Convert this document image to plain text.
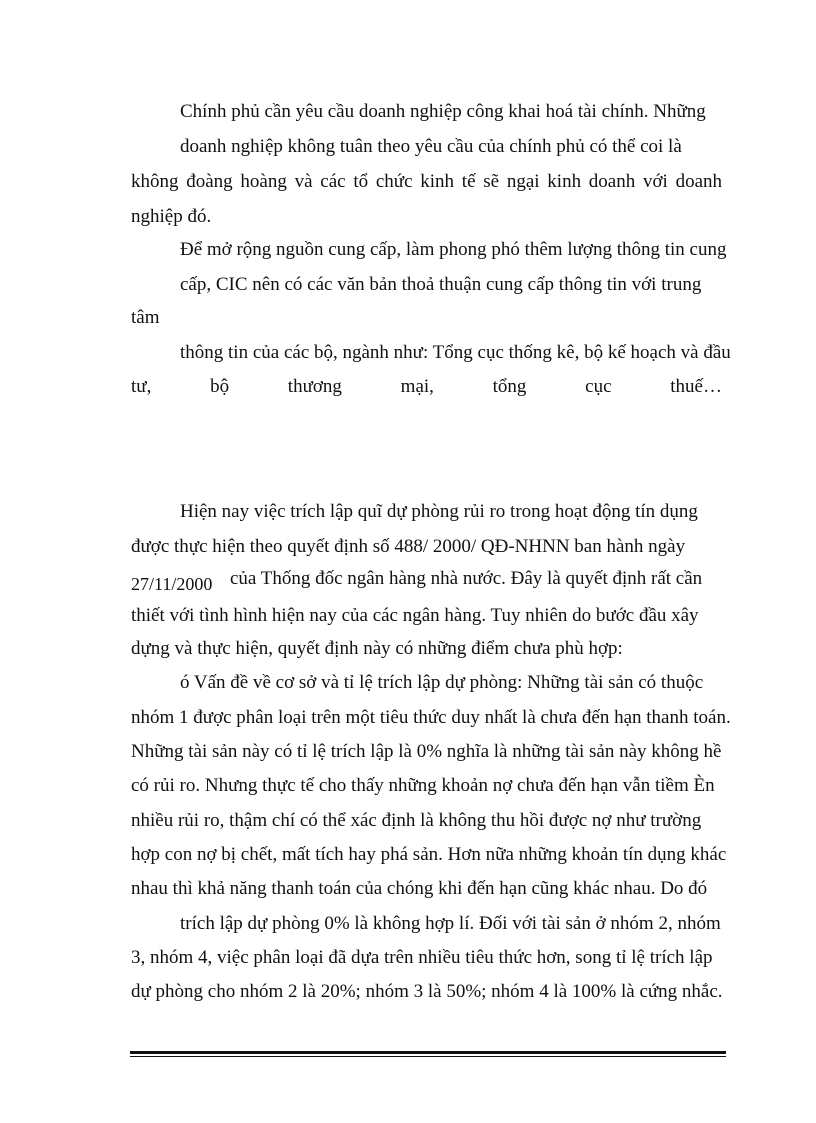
Chính phủ cần yêu cầu doanh nghiệp công khai hoá tài chính. Những

doanh nghiệp không tuân theo yêu cầu của chính phủ có thể coi là

không đoàng hoàng và các tổ chức kinh tế sẽ ngại kinh doanh với doanh

nghiệp đó.

Để mở rộng nguồn cung cấp, làm phong phó thêm lượng thông tin cung

cấp, CIC nên có các văn bản thoả thuận cung cấp thông tin với trung

tâm

thông tin của các bộ, ngành như: Tổng cục thống kê, bộ kế hoạch và đầu

tư, bộ thương mại, tổng cục thuế…

Hiện nay việc trích lập quĩ dự phòng rủi ro trong hoạt động tín dụng

được thực hiện theo quyết định số 488/ 2000/ QĐ-NHNN ban hành ngày

27/11/2000 của Thống đốc ngân hàng nhà nước. Đây là quyết định rất cần

thiết với tình hình hiện nay của các ngân hàng. Tuy nhiên do bước đầu xây

dựng và thực hiện, quyết định này có những điểm chưa phù hợp:

ó Vấn đề về cơ sở và tỉ lệ trích lập dự phòng: Những tài sản có thuộc

nhóm 1 được phân loại trên một tiêu thức duy nhất là chưa đến hạn thanh toán.

Những tài sản này có tỉ lệ trích lập là 0% nghĩa là những tài sản này không hề

có rủi ro. Nhưng thực tế cho thấy những khoản nợ chưa đến hạn vẫn tiềm Èn

nhiều rủi ro, thậm chí có thể xác định là không thu hồi được nợ như trường

hợp con nợ bị chết, mất tích hay phá sản. Hơn nữa những khoản tín dụng khác

nhau thì khả năng thanh toán của chóng khi đến hạn cũng khác nhau. Do đó

trích lập dự phòng 0% là không hợp lí. Đối với tài sản ở nhóm 2, nhóm

3, nhóm 4, việc phân loại đã dựa trên nhiều tiêu thức hơn, song tỉ lệ trích lập

dự phòng cho nhóm 2 là 20%; nhóm 3 là 50%; nhóm 4 là 100% là cứng nhắc.
